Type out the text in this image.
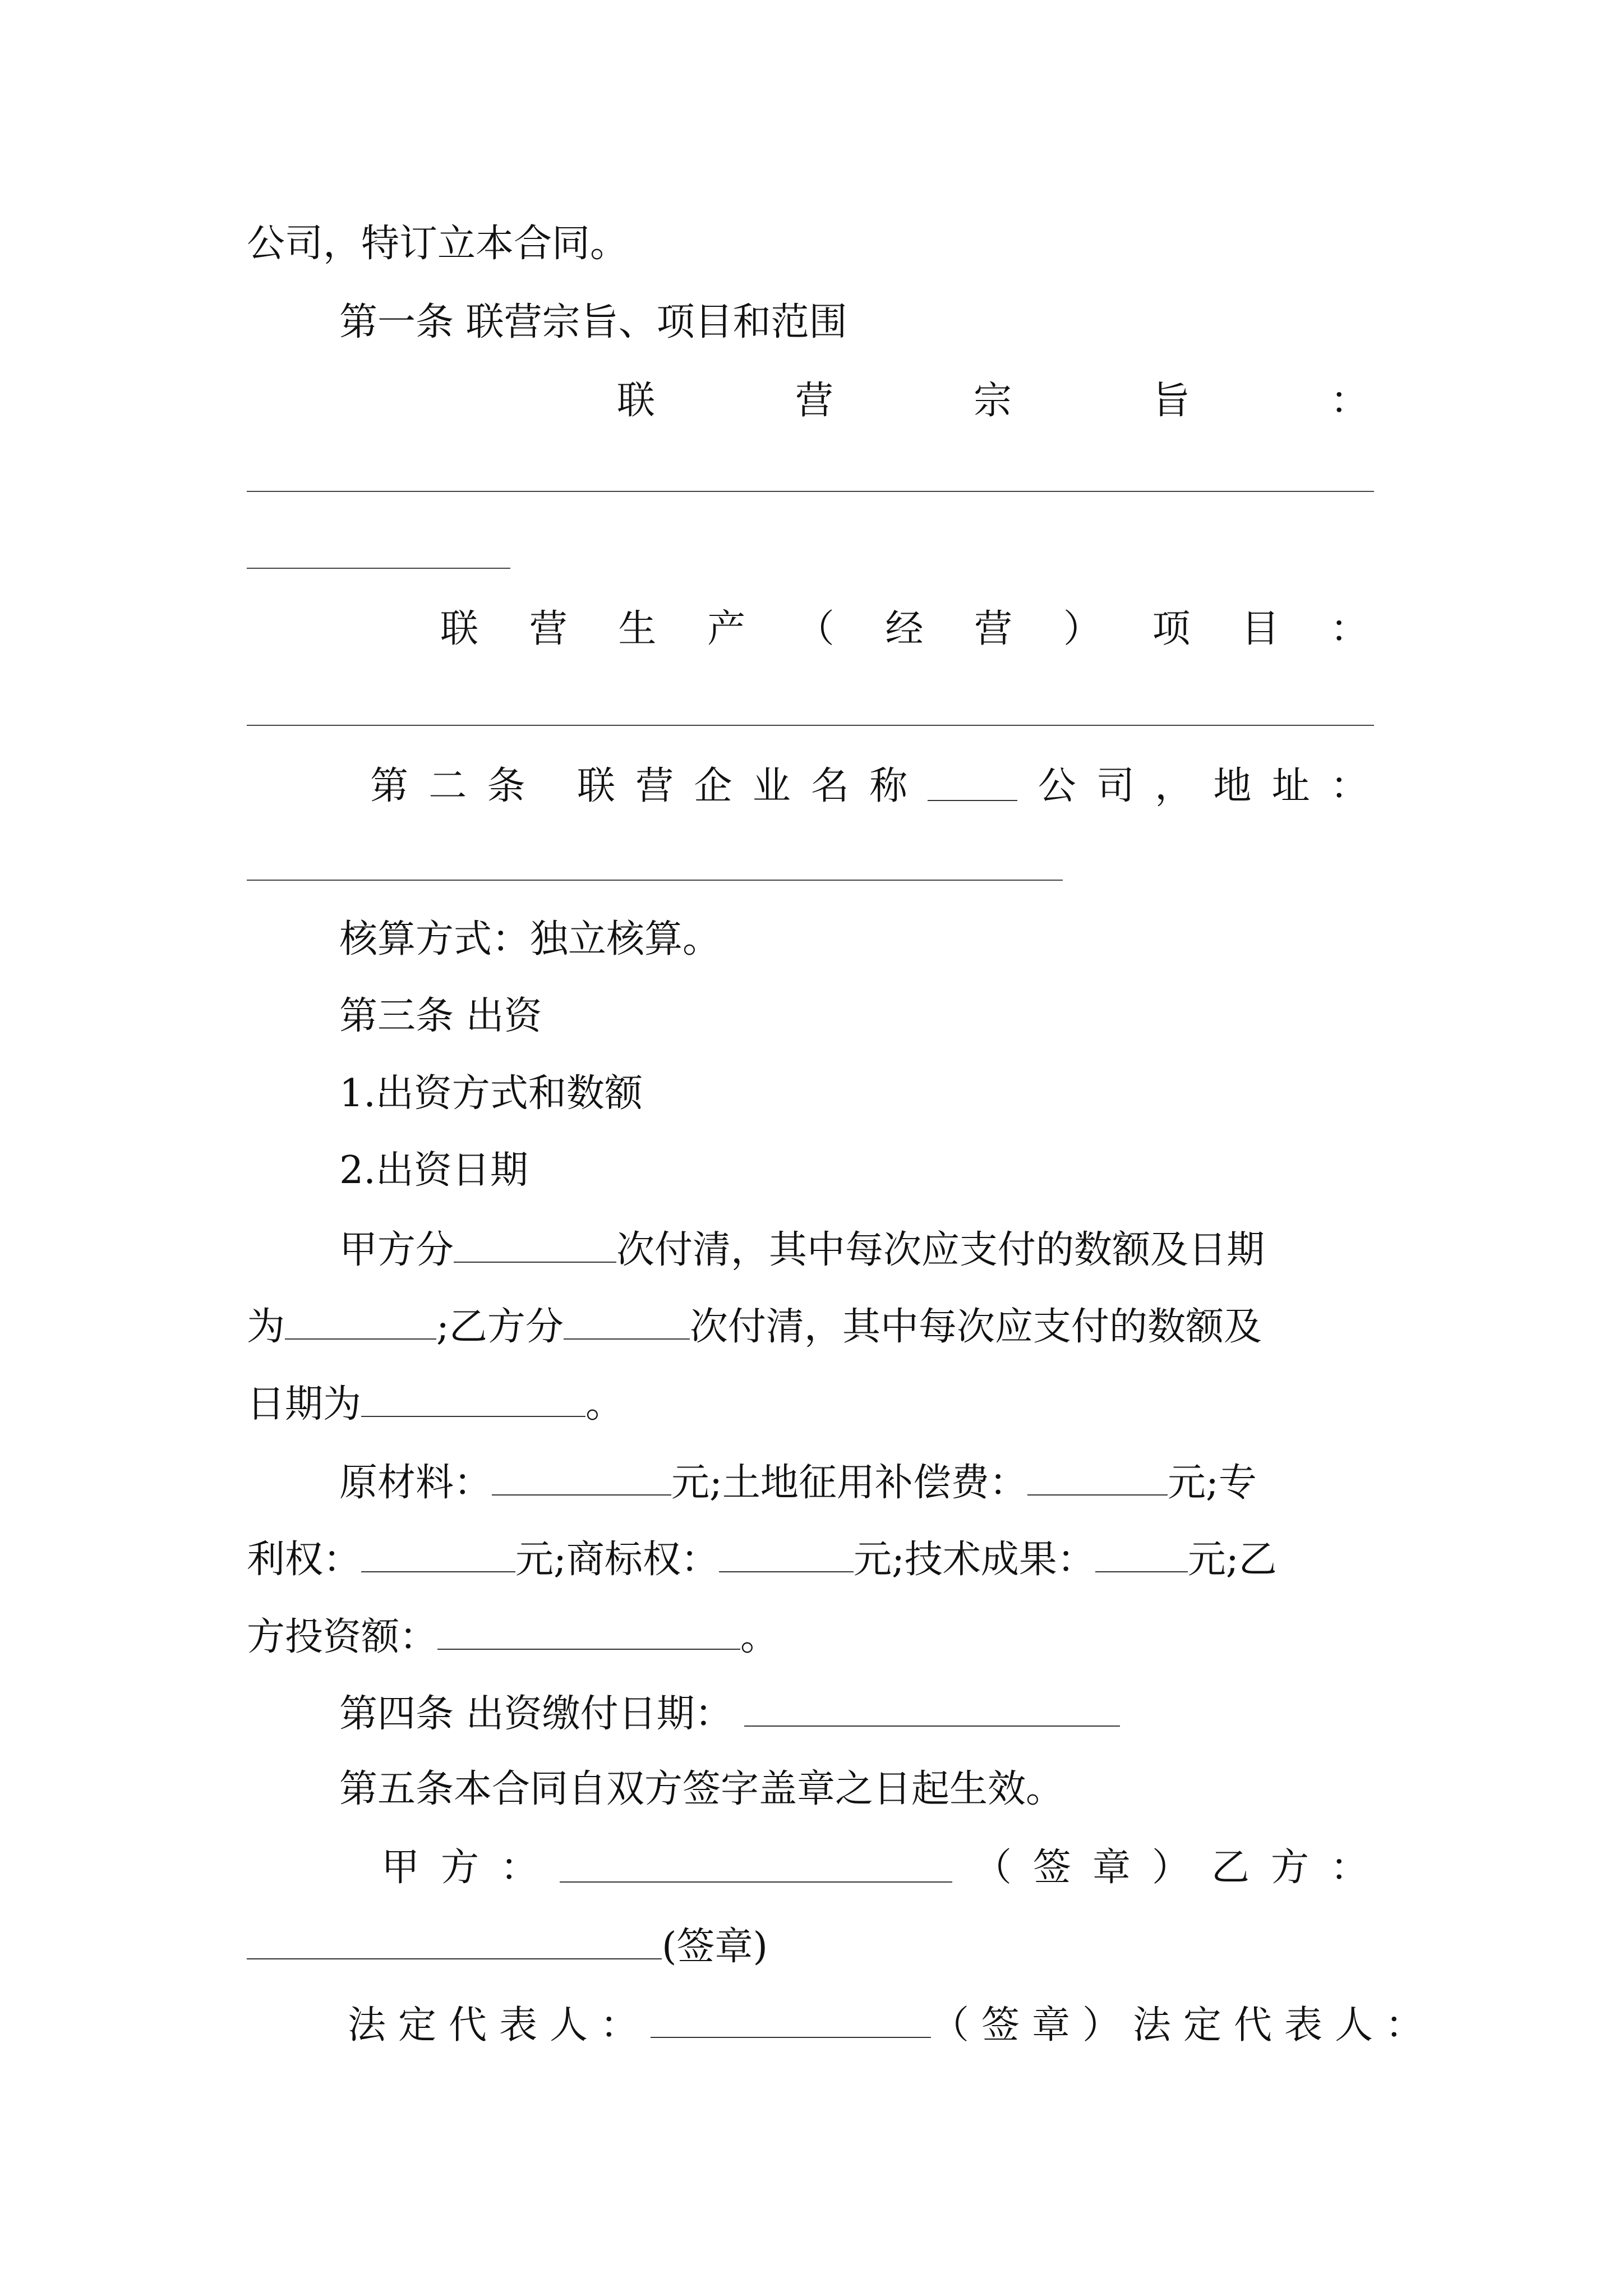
公司，特订立本合同。
第一条 联营宗旨、项目和范围
联	营	宗	旨	：
联 营 生 产 （ 经 营 ） 项 目 ：
第 二 条 联 营 企 业 名 称	公 司 ， 地 址 ：
核算方式：独立核算。
第三条 出资
1.出资方式和数额
2.出资日期
甲方分	次付清，其中每次应支付的数额及日期
为	;乙方分	次付清，其中每次应支付的数额及
日期为	。
原材料：	元;土地征用补偿费：	元;专
利权：	元;商标权：	元;技术成果： 元;乙
方投资额：	。
第四条 出资缴付日期：
第五条本合同自双方签字盖章之日起生效。
甲 方 ：	（ 签 章 ） 乙 方 ：
(签章)
法定代表人：	（签章）法定代表人：
